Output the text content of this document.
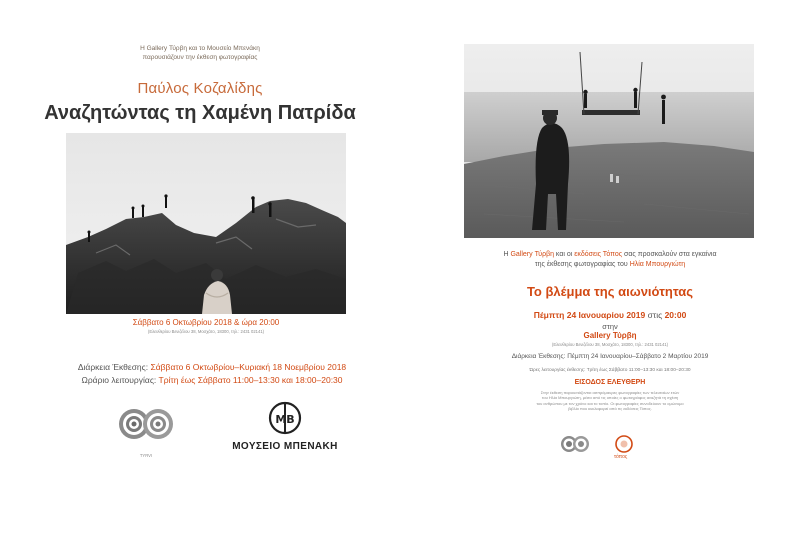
Η Gallery Τύρβη και το Μουσείο Μπενάκη
παρουσιάζουν την έκθεση φωτογραφίας
Παύλος Κοζαλίδης
Αναζητώντας τη Χαμένη Πατρίδα
Σάββατο 6 Οκτωβρίου 2018 & ώρα 20:00
(Ελευθερίου Βενιζέλου 38, Μοσχάτο, 18300, τηλ.: 2431 02141)
Διάρκεια Έκθεσης: Σάββατο 6 Οκτωβρίου–Κυριακή 18 Νοεμβρίου 2018
Ωράριο λειτουργίας: Τρίτη έως Σάββατο 11:00–13:30 και 18:00–20:30
TYRVI
MB
ΜΟΥΣΕΙΟ ΜΠΕΝΑΚΗ
Η Gallery Τύρβη και οι εκδόσεις Τόπος σας προσκαλούν στα εγκαίνια
της έκθεσης φωτογραφίας του Ηλία Μπουργιώτη
Το βλέμμα της αιωνιότητας
Πέμπτη 24 Ιανουαρίου 2019 στις 20:00
στην
Gallery Τύρβη
(Ελευθερίου Βενιζέλου 38, Μοσχάτο, 18300, τηλ.: 2431 02141)
Διάρκεια Έκθεσης: Πέμπτη 24 Ιανουαρίου–Σάββατο 2 Μαρτίου 2019
Ώρες λειτουργίας έκθεσης: Τρίτη έως Σάββατο 11:00–13:30 και 18:00–20:30
ΕΙΣΟΔΟΣ ΕΛΕΥΘΕΡΗ
Στην έκθεση παρουσιάζονται ασπρόμαυρες φωτογραφίες των τελευταίων ετών
του Ηλία Μπουργιώτη, μέσα από τις οποίες ο φωτογράφος αναζητά τη σχέση
του ανθρώπου με τον χρόνο και το τοπίο. Οι φωτογραφίες συνοδεύουν το ομώνυμο
βιβλίο που κυκλοφορεί από τις εκδόσεις Τόπος.
τόπος
